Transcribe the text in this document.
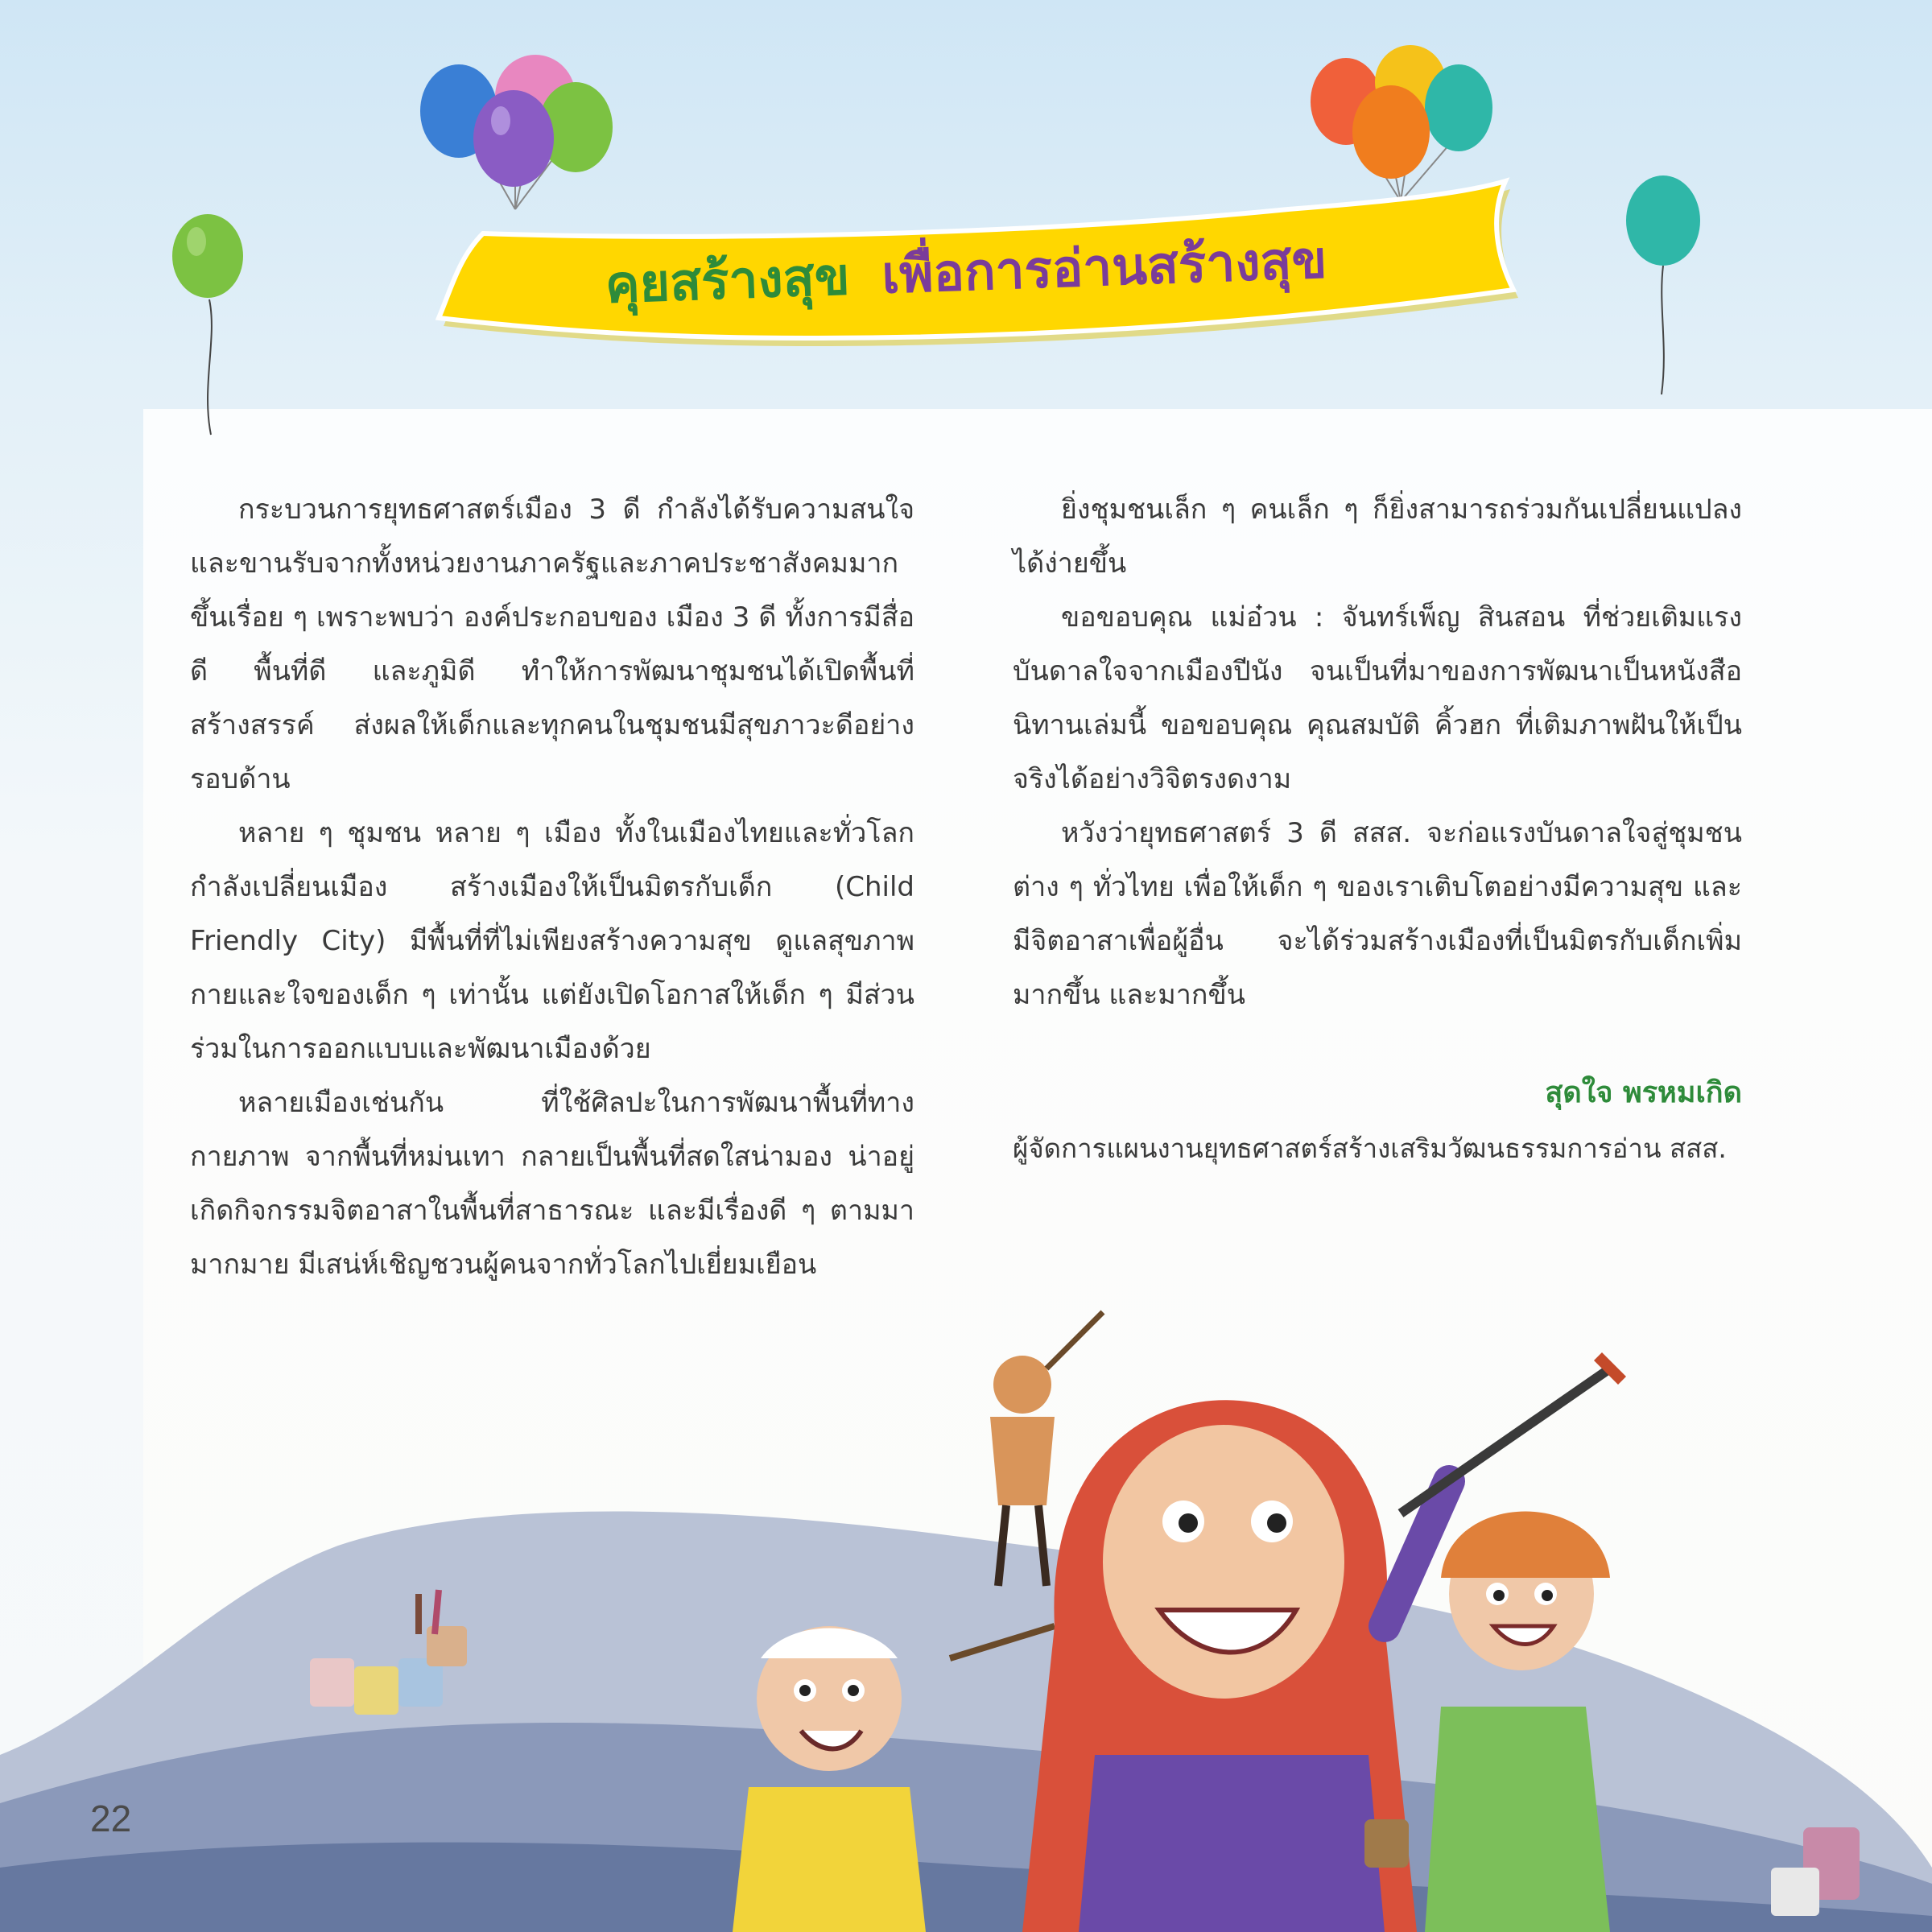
คุยสร้างสุข เพื่อการอ่านสร้างสุข

กระบวนการยุทธศาสตร์เมือง 3 ดี กำลังได้รับความสนใจและขานรับจากทั้งหน่วยงานภาครัฐและภาคประชาสังคมมากขึ้นเรื่อย ๆ เพราะพบว่า องค์ประกอบของ เมือง 3 ดี ทั้งการมีสื่อดี พื้นที่ดี และภูมิดี ทำให้การพัฒนาชุมชนได้เปิดพื้นที่สร้างสรรค์ ส่งผลให้เด็กและทุกคนในชุมชนมีสุขภาวะดีอย่างรอบด้าน

หลาย ๆ ชุมชน หลาย ๆ เมือง ทั้งในเมืองไทยและทั่วโลก กำลังเปลี่ยนเมือง สร้างเมืองให้เป็นมิตรกับเด็ก (Child Friendly City) มีพื้นที่ที่ไม่เพียงสร้างความสุข ดูแลสุขภาพกายและใจของเด็ก ๆ เท่านั้น แต่ยังเปิดโอกาสให้เด็ก ๆ มีส่วนร่วมในการออกแบบและพัฒนาเมืองด้วย

หลายเมืองเช่นกัน ที่ใช้ศิลปะในการพัฒนาพื้นที่ทางกายภาพ จากพื้นที่หม่นเทา กลายเป็นพื้นที่สดใสน่ามอง น่าอยู่ เกิดกิจกรรมจิตอาสาในพื้นที่สาธารณะ และมีเรื่องดี ๆ ตามมามากมาย มีเสน่ห์เชิญชวนผู้คนจากทั่วโลกไปเยี่ยมเยือน

ยิ่งชุมชนเล็ก ๆ คนเล็ก ๆ ก็ยิ่งสามารถร่วมกันเปลี่ยนแปลงได้ง่ายขึ้น

ขอขอบคุณ แม่อ๋วน : จันทร์เพ็ญ สินสอน ที่ช่วยเติมแรงบันดาลใจจากเมืองปีนัง จนเป็นที่มาของการพัฒนาเป็นหนังสือนิทานเล่มนี้ ขอขอบคุณ คุณสมบัติ คิ้วฮก ที่เติมภาพฝันให้เป็นจริงได้อย่างวิจิตรงดงาม

หวังว่ายุทธศาสตร์ 3 ดี สสส. จะก่อแรงบันดาลใจสู่ชุมชนต่าง ๆ ทั่วไทย เพื่อให้เด็ก ๆ ของเราเติบโตอย่างมีความสุข และมีจิตอาสาเพื่อผู้อื่น จะได้ร่วมสร้างเมืองที่เป็นมิตรกับเด็กเพิ่มมากขึ้น และมากขึ้น

สุดใจ พรหมเกิด
ผู้จัดการแผนงานยุทธศาสตร์สร้างเสริมวัฒนธรรมการอ่าน สสส.
22
